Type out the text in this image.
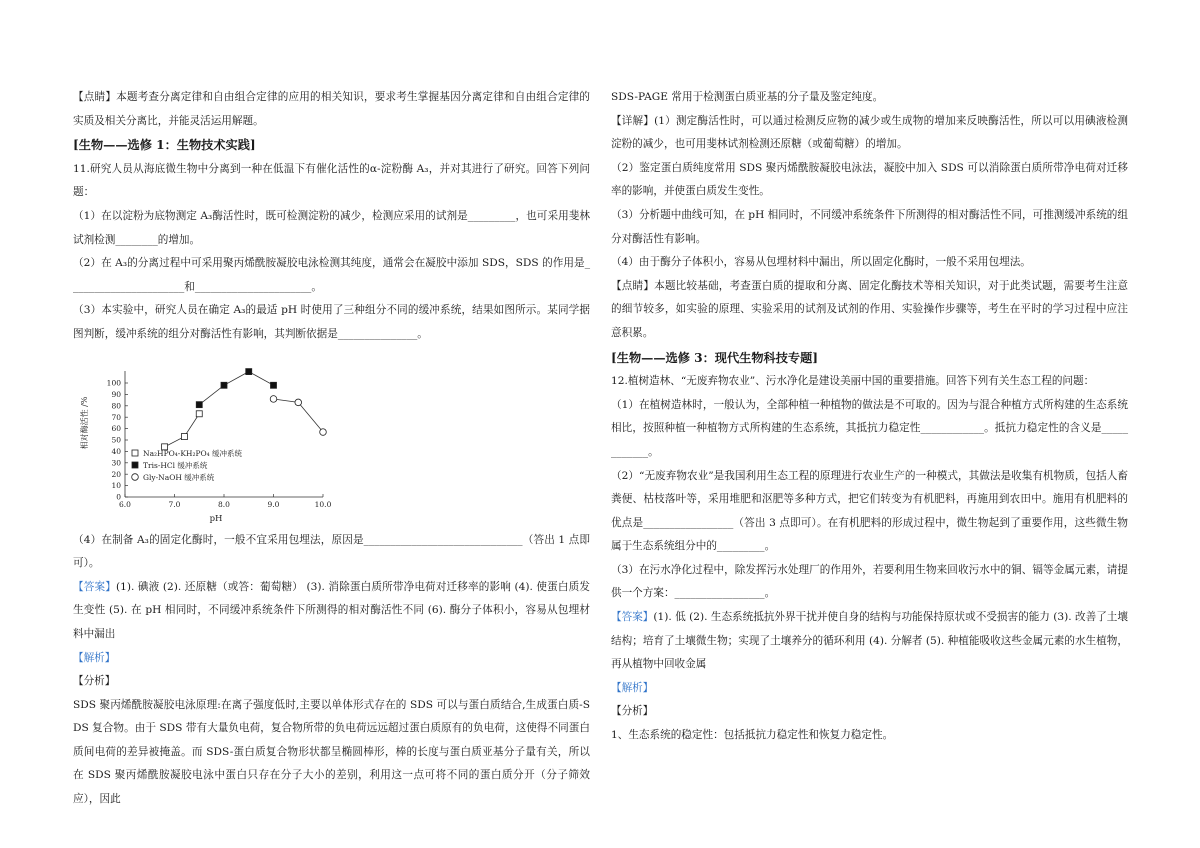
【点睛】本题考查分离定律和自由组合定律的应用的相关知识，要求考生掌握基因分离定律和自由组合定律的实质及相关分离比，并能灵活运用解题。

[生物——选修 1：生物技术实践]

11.研究人员从海底微生物中分离到一种在低温下有催化活性的α-淀粉酶 A₃，并对其进行了研究。回答下列问题：

（1）在以淀粉为底物测定 A₃酶活性时，既可检测淀粉的减少，检测应采用的试剂是_________，也可采用斐林试剂检测________的增加。

（2）在 A₃的分离过程中可采用聚丙烯酰胺凝胶电泳检测其纯度，通常会在凝胶中添加 SDS，SDS 的作用是______________________和______________________。

（3）本实验中，研究人员在确定 A₃的最适 pH 时使用了三种组分不同的缓冲系统，结果如图所示。某同学据图判断，缓冲系统的组分对酶活性有影响，其判断依据是_______________。

0
10
20
30
40
50
60
70
80
90
100
6.0	7.0	8.0	9.0	10.0
相对酶活性 /%
pH
Na₂HPO₄-KH₂PO₄ 缓冲系统
Tris-HCl 缓冲系统
Gly-NaOH 缓冲系统

（4）在制备 A₃的固定化酶时，一般不宜采用包埋法，原因是______________________________（答出 1 点即可）。

【答案】(1). 碘液 (2). 还原糖（或答：葡萄糖） (3). 消除蛋白质所带净电荷对迁移率的影响 (4). 使蛋白质发生变性 (5). 在 pH 相同时，不同缓冲系统条件下所测得的相对酶活性不同 (6). 酶分子体积小，容易从包埋材料中漏出

【解析】

【分析】

SDS 聚丙烯酰胺凝胶电泳原理:在离子强度低时,主要以单体形式存在的 SDS 可以与蛋白质结合,生成蛋白质-SDS 复合物。由于 SDS 带有大量负电荷，复合物所带的负电荷远远超过蛋白质原有的负电荷，这使得不同蛋白质间电荷的差异被掩盖。而 SDS-蛋白质复合物形状都呈椭圆棒形，棒的长度与蛋白质亚基分子量有关，所以在 SDS 聚丙烯酰胺凝胶电泳中蛋白只存在分子大小的差别，利用这一点可将不同的蛋白质分开（分子筛效应），因此

SDS-PAGE 常用于检测蛋白质亚基的分子量及鉴定纯度。

【详解】(1）测定酶活性时，可以通过检测反应物的减少或生成物的增加来反映酶活性，所以可以用碘液检测淀粉的减少，也可用斐林试剂检测还原糖（或葡萄糖）的增加。

（2）鉴定蛋白质纯度常用 SDS 聚丙烯酰胺凝胶电泳法，凝胶中加入 SDS 可以消除蛋白质所带净电荷对迁移率的影响，并使蛋白质发生变性。

（3）分析题中曲线可知，在 pH 相同时，不同缓冲系统条件下所测得的相对酶活性不同，可推测缓冲系统的组分对酶活性有影响。

（4）由于酶分子体积小，容易从包埋材料中漏出，所以固定化酶时，一般不采用包埋法。

【点睛】本题比较基础，考查蛋白质的提取和分离、固定化酶技术等相关知识，对于此类试题，需要考生注意的细节较多，如实验的原理、实验采用的试剂及试剂的作用、实验操作步骤等，考生在平时的学习过程中应注意积累。

[生物——选修 3：现代生物科技专题]

12.植树造林、“无废弃物农业”、污水净化是建设美丽中国的重要措施。回答下列有关生态工程的问题：

（1）在植树造林时，一般认为，全部种植一种植物的做法是不可取的。因为与混合种植方式所构建的生态系统相比，按照种植一种植物方式所构建的生态系统，其抵抗力稳定性____________。抵抗力稳定性的含义是____________。

（2）“无废弃物农业”是我国利用生态工程的原理进行农业生产的一种模式，其做法是收集有机物质，包括人畜粪便、枯枝落叶等，采用堆肥和沤肥等多种方式，把它们转变为有机肥料，再施用到农田中。施用有机肥料的优点是_________________（答出 3 点即可）。在有机肥料的形成过程中，微生物起到了重要作用，这些微生物属于生态系统组分中的_________。

（3）在污水净化过程中，除发挥污水处理厂的作用外，若要利用生物来回收污水中的铜、镉等金属元素，请提供一个方案：_________________。

【答案】(1). 低 (2). 生态系统抵抗外界干扰并使自身的结构与功能保持原状或不受损害的能力 (3). 改善了土壤结构；培育了土壤微生物；实现了土壤养分的循环利用 (4). 分解者 (5). 种植能吸收这些金属元素的水生植物，再从植物中回收金属

【解析】

【分析】

1、生态系统的稳定性：包括抵抗力稳定性和恢复力稳定性。
